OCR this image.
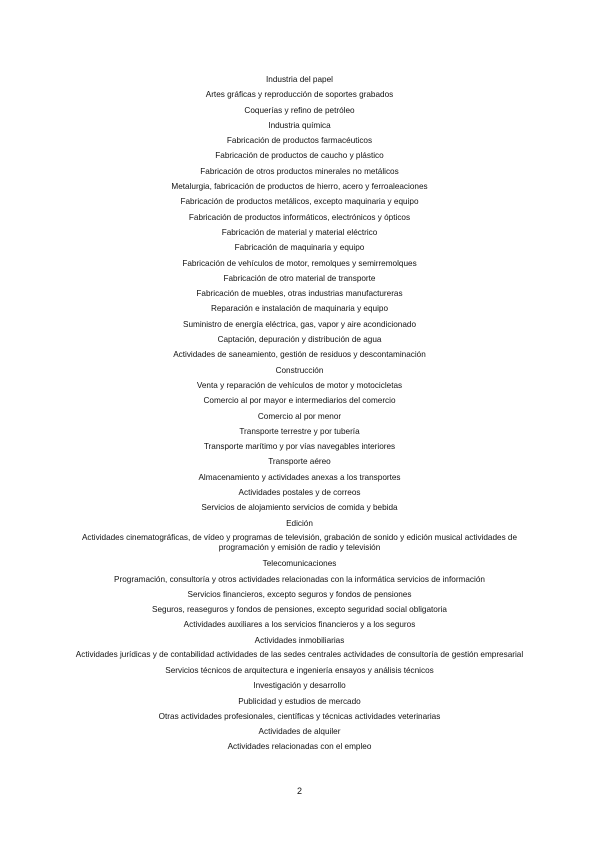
Industria del papel
Artes gráficas y reproducción de soportes grabados
Coquerías y refino de petróleo
Industria química
Fabricación de productos farmacéuticos
Fabricación de productos de caucho y plástico
Fabricación de otros productos minerales no metálicos
Metalurgia, fabricación de productos de hierro, acero y ferroaleaciones
Fabricación de productos metálicos, excepto maquinaria y equipo
Fabricación de productos informáticos, electrónicos y ópticos
Fabricación de material y material eléctrico
Fabricación de maquinaria y equipo
Fabricación de vehículos de motor, remolques y semirremolques
Fabricación de otro material de transporte
Fabricación de muebles, otras industrias manufactureras
Reparación e instalación de maquinaria y equipo
Suministro de energía eléctrica, gas, vapor y aire acondicionado
Captación, depuración y distribución de agua
Actividades de saneamiento, gestión de residuos y descontaminación
Construcción
Venta y reparación de vehículos de motor y motocicletas
Comercio al por mayor e intermediarios del comercio
Comercio al por menor
Transporte terrestre y por tubería
Transporte marítimo y por vías navegables interiores
Transporte aéreo
Almacenamiento y actividades anexas a los transportes
Actividades postales y de correos
Servicios de alojamiento servicios de comida y bebida
Edición
Actividades cinematográficas, de vídeo y programas de televisión, grabación de sonido y edición musical actividades de programación y emisión de radio y televisión
Telecomunicaciones
Programación, consultoría y otros actividades relacionadas con la informática servicios de información
Servicios financieros, excepto seguros y fondos de pensiones
Seguros, reaseguros y fondos de pensiones, excepto seguridad social obligatoria
Actividades auxiliares a los servicios financieros y a los seguros
Actividades inmobiliarias
Actividades jurídicas y de contabilidad actividades de las sedes centrales actividades de consultoría de gestión empresarial
Servicios técnicos de arquitectura e ingeniería ensayos y análisis técnicos
Investigación y desarrollo
Publicidad y estudios de mercado
Otras actividades profesionales, científicas y técnicas actividades veterinarias
Actividades de alquiler
Actividades relacionadas con el empleo
2
